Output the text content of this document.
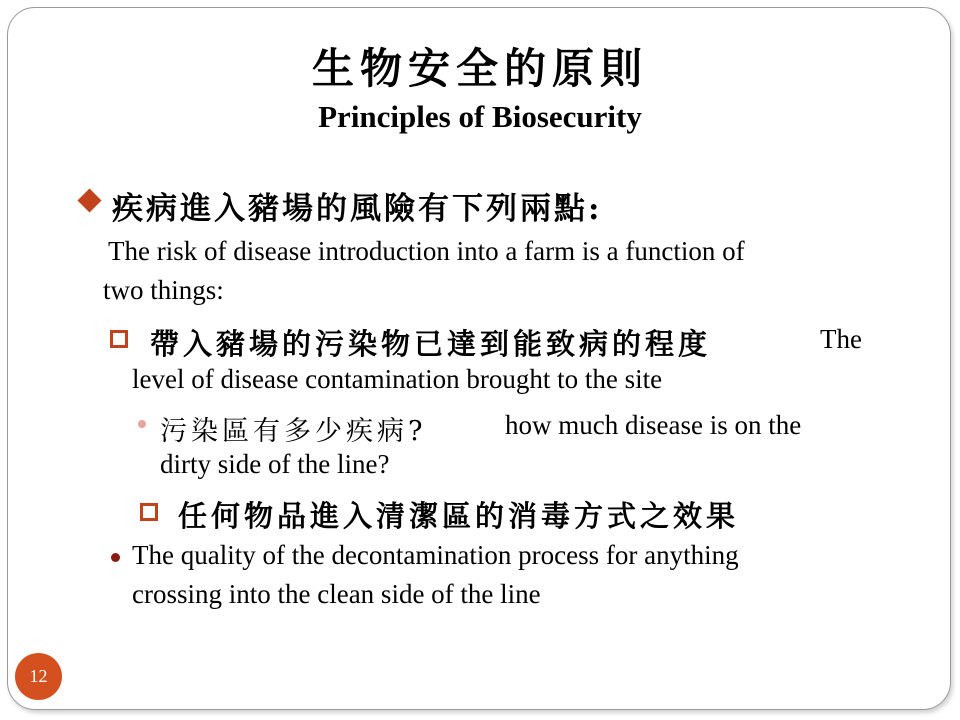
生物安全的原則
Principles of Biosecurity
疾病進入豬場的風險有下列兩點:
The risk of disease introduction into a farm is a function of
two things:
帶入豬場的污染物已達到能致病的程度	The
level of disease contamination brought to the site
污染區有多少疾病?	how much disease is on the
dirty side of the line?
任何物品進入清潔區的消毒方式之效果
The quality of the decontamination process for anything
crossing into the clean side of the line
12
